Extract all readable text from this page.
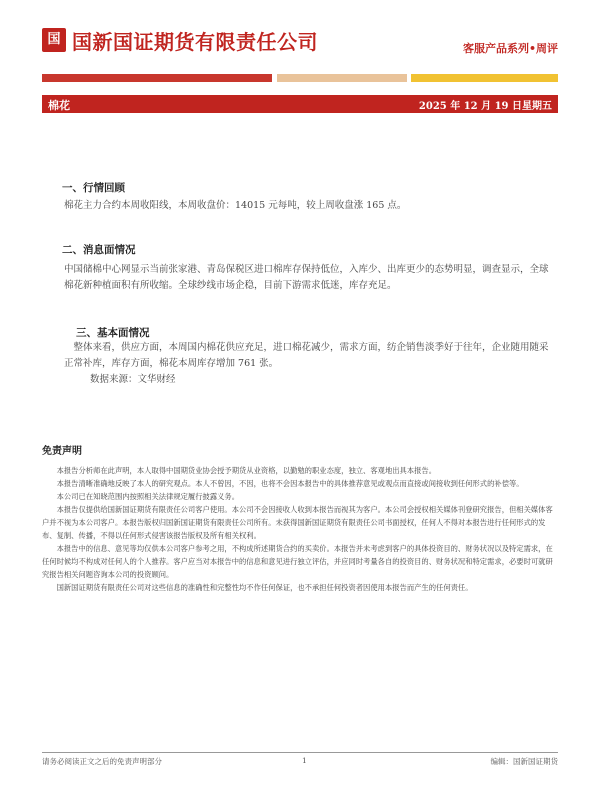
国 国新国证期货有限责任公司	客服产品系列•周评
棉花	2025 年 12 月 19 日星期五
一、行情回顾
棉花主力合约本周收阳线，本周收盘价：14015 元每吨，较上周收盘涨 165 点。
二、消息面情况
中国储棉中心网显示当前张家港、青岛保税区进口棉库存保持低位，入库少、出库更少的态势明显，调查显示，全球棉花新种植面积有所收缩。全球纱线市场企稳，目前下游需求低迷，库存充足。
三、基本面情况
整体来看，供应方面，本周国内棉花供应充足，进口棉花减少，需求方面，纺企销售淡季好于往年，企业随用随采正常补库，库存方面，棉花本周库存增加 761 张。
数据来源：文华财经
免责声明

本报告分析师在此声明，本人取得中国期货业协会授予期货从业资格，以勤勉的职业态度，独立、客观地出具本报告。

本报告清晰准确地反映了本人的研究观点。本人不曾因，不因，也将不会因本报告中的具体推荐意见或观点而直接或间接收到任何形式的补偿等。

本公司已在知晓范围内按照相关法律规定履行披露义务。

本报告仅提供给国新国证期货有限责任公司客户使用。本公司不会因接收人收到本报告而视其为客户。本公司会授权相关媒体刊登研究报告，但相关媒体客户并不视为本公司客户。本报告版权归国新国证期货有限责任公司所有。未获得国新国证期货有限责任公司书面授权，任何人不得对本报告进行任何形式的发布、复制、传播，不得以任何形式侵害该报告版权及所有相关权利。

本报告中的信息、意见等均仅供本公司客户参考之用，不构成所述期货合约的买卖价。本报告并未考虑到客户的具体投资目的、财务状况以及特定需求，在任何时候均不构成对任何人的个人推荐。客户应当对本报告中的信息和意见进行独立评估，并应同时考量各自的投资目的、财务状况和特定需求，必要时可就研究报告相关问题咨询本公司的投资顾问。

国新国证期货有限责任公司对这些信息的准确性和完整性均不作任何保证，也不承担任何投资者因使用本报告而产生的任何责任。

请务必阅读正文之后的免责声明部分	1	编辑：国新国证期货
